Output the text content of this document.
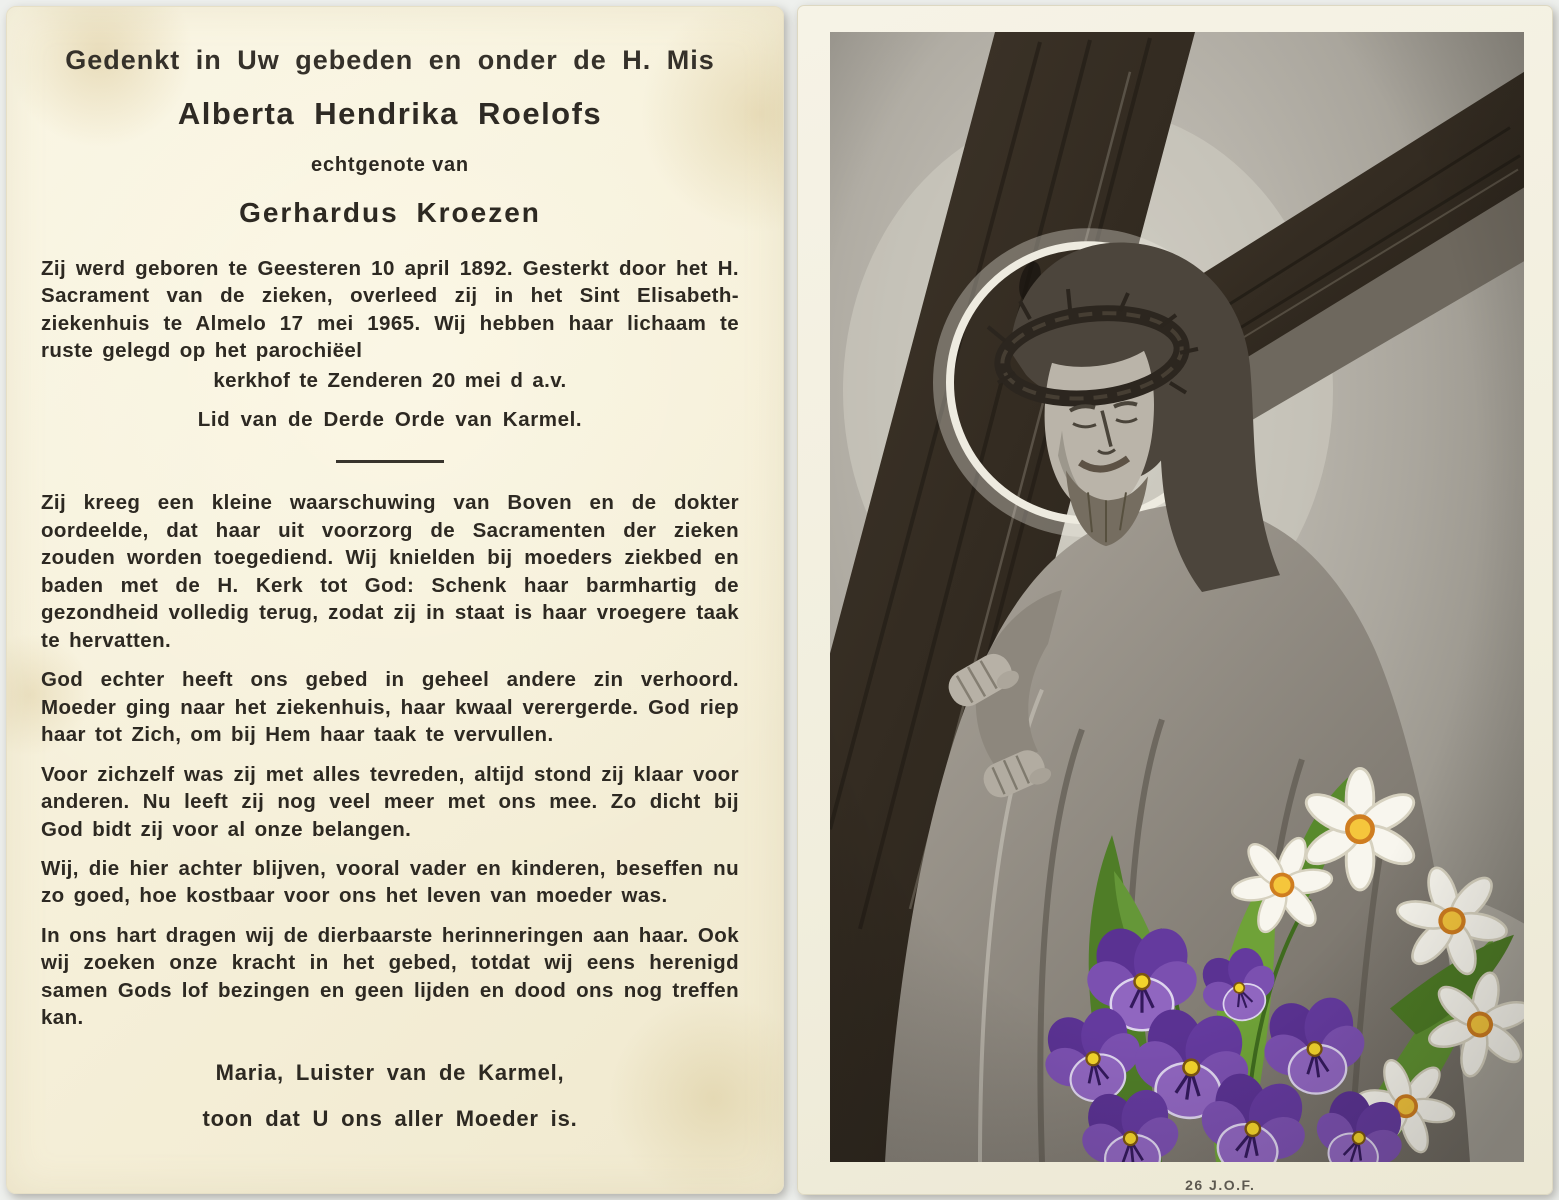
Gedenkt in Uw gebeden en onder de H. Mis

Alberta Hendrika Roelofs

echtgenote van

Gerhardus Kroezen

Zij werd geboren te Geesteren 10 april 1892. Gesterkt door het H. Sacrament van de zieken, overleed zij in het Sint Elisabeth-ziekenhuis te Almelo 17 mei 1965. Wij hebben haar lichaam te ruste gelegd op het parochiëel

kerkhof te Zenderen 20 mei d a.v.

Lid van de Derde Orde van Karmel.

Zij kreeg een kleine waarschuwing van Boven en de dokter oordeelde, dat haar uit voorzorg de Sacramenten der zieken zouden worden toegediend. Wij knielden bij moeders ziekbed en baden met de H. Kerk tot God: Schenk haar barmhartig de gezondheid volledig terug, zodat zij in staat is haar vroegere taak te hervatten.

God echter heeft ons gebed in geheel andere zin verhoord. Moeder ging naar het ziekenhuis, haar kwaal verergerde. God riep haar tot Zich, om bij Hem haar taak te vervullen.

Voor zichzelf was zij met alles tevreden, altijd stond zij klaar voor anderen. Nu leeft zij nog veel meer met ons mee. Zo dicht bij God bidt zij voor al onze belangen.

Wij, die hier achter blijven, vooral vader en kinderen, beseffen nu zo goed, hoe kostbaar voor ons het leven van moeder was.

In ons hart dragen wij de dierbaarste herinneringen aan haar. Ook wij zoeken onze kracht in het gebed, totdat wij eens herenigd samen Gods lof bezingen en geen lijden en dood ons nog treffen kan.

Maria, Luister van de Karmel,

toon dat U ons aller Moeder is.

26 J.O.F.
